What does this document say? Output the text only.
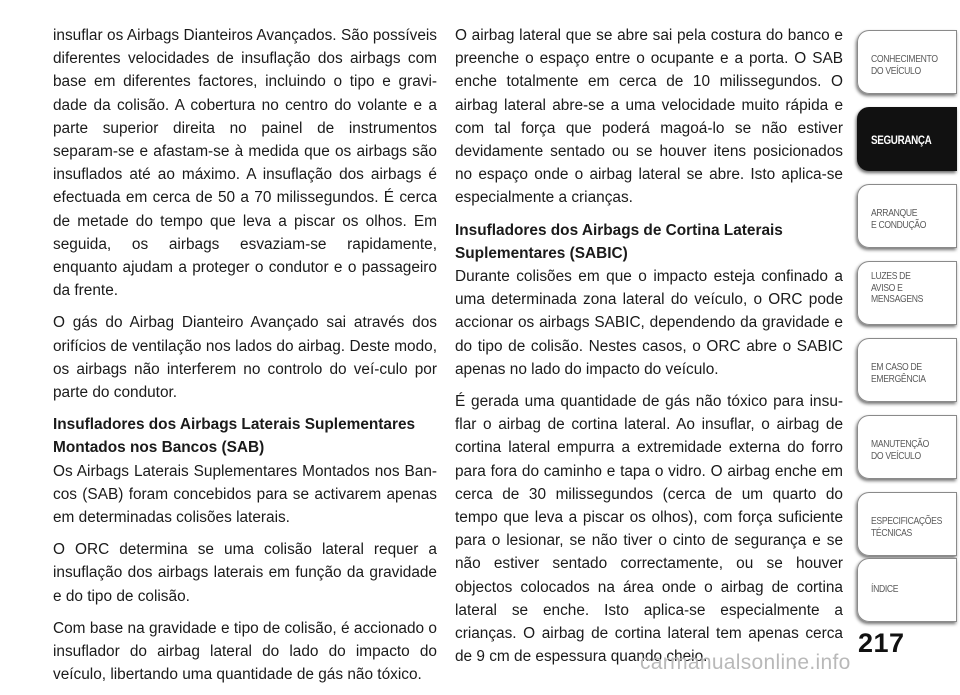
insuflar os Airbags Dianteiros Avançados. São possíveis diferentes velocidades de insuflação dos airbags com base em diferentes factores, incluindo o tipo e gravi-dade da colisão. A cobertura no centro do volante e a parte superior direita no painel de instrumentos separam-se e afastam-se à medida que os airbags são insuflados até ao máximo. A insuflação dos airbags é efectuada em cerca de 50 a 70 milissegundos. É cerca de metade do tempo que leva a piscar os olhos. Em seguida, os airbags esvaziam-se rapidamente, enquanto ajudam a proteger o condutor e o passageiro da frente.

O gás do Airbag Dianteiro Avançado sai através dos orifícios de ventilação nos lados do airbag. Deste modo, os airbags não interferem no controlo do veí-culo por parte do condutor.

Insufladores dos Airbags Laterais Suplementares Montados nos Bancos (SAB)

Os Airbags Laterais Suplementares Montados nos Ban-cos (SAB) foram concebidos para se activarem apenas em determinadas colisões laterais.

O ORC determina se uma colisão lateral requer a insuflação dos airbags laterais em função da gravidade e do tipo de colisão.

Com base na gravidade e tipo de colisão, é accionado o insuflador do airbag lateral do lado do impacto do veículo, libertando uma quantidade de gás não tóxico.

O airbag lateral que se abre sai pela costura do banco e preenche o espaço entre o ocupante e a porta. O SAB enche totalmente em cerca de 10 milissegundos. O airbag lateral abre-se a uma velocidade muito rápida e com tal força que poderá magoá-lo se não estiver devidamente sentado ou se houver itens posicionados no espaço onde o airbag lateral se abre. Isto aplica-se especialmente a crianças.

Insufladores dos Airbags de Cortina Laterais Suplementares (SABIC)

Durante colisões em que o impacto esteja confinado a uma determinada zona lateral do veículo, o ORC pode accionar os airbags SABIC, dependendo da gravidade e do tipo de colisão. Nestes casos, o ORC abre o SABIC apenas no lado do impacto do veículo.

É gerada uma quantidade de gás não tóxico para insu-flar o airbag de cortina lateral. Ao insuflar, o airbag de cortina lateral empurra a extremidade externa do forro para fora do caminho e tapa o vidro. O airbag enche em cerca de 30 milissegundos (cerca de um quarto do tempo que leva a piscar os olhos), com força suficiente para o lesionar, se não tiver o cinto de segurança e se não estiver sentado correctamente, ou se houver objectos colocados na área onde o airbag de cortina lateral se enche. Isto aplica-se especialmente a crianças. O airbag de cortina lateral tem apenas cerca de 9 cm de espessura quando cheio.

CONHECIMENTO
DO VEÍCULO
SEGURANÇA
ARRANQUE
E CONDUÇÃO
LUZES DE
AVISO E
MENSAGENS
EM CASO DE
EMERGÊNCIA
MANUTENÇÃO
DO VEÍCULO
ESPECIFICAÇÕES
TÉCNICAS
ÍNDICE
217
carmanualsonline.info
